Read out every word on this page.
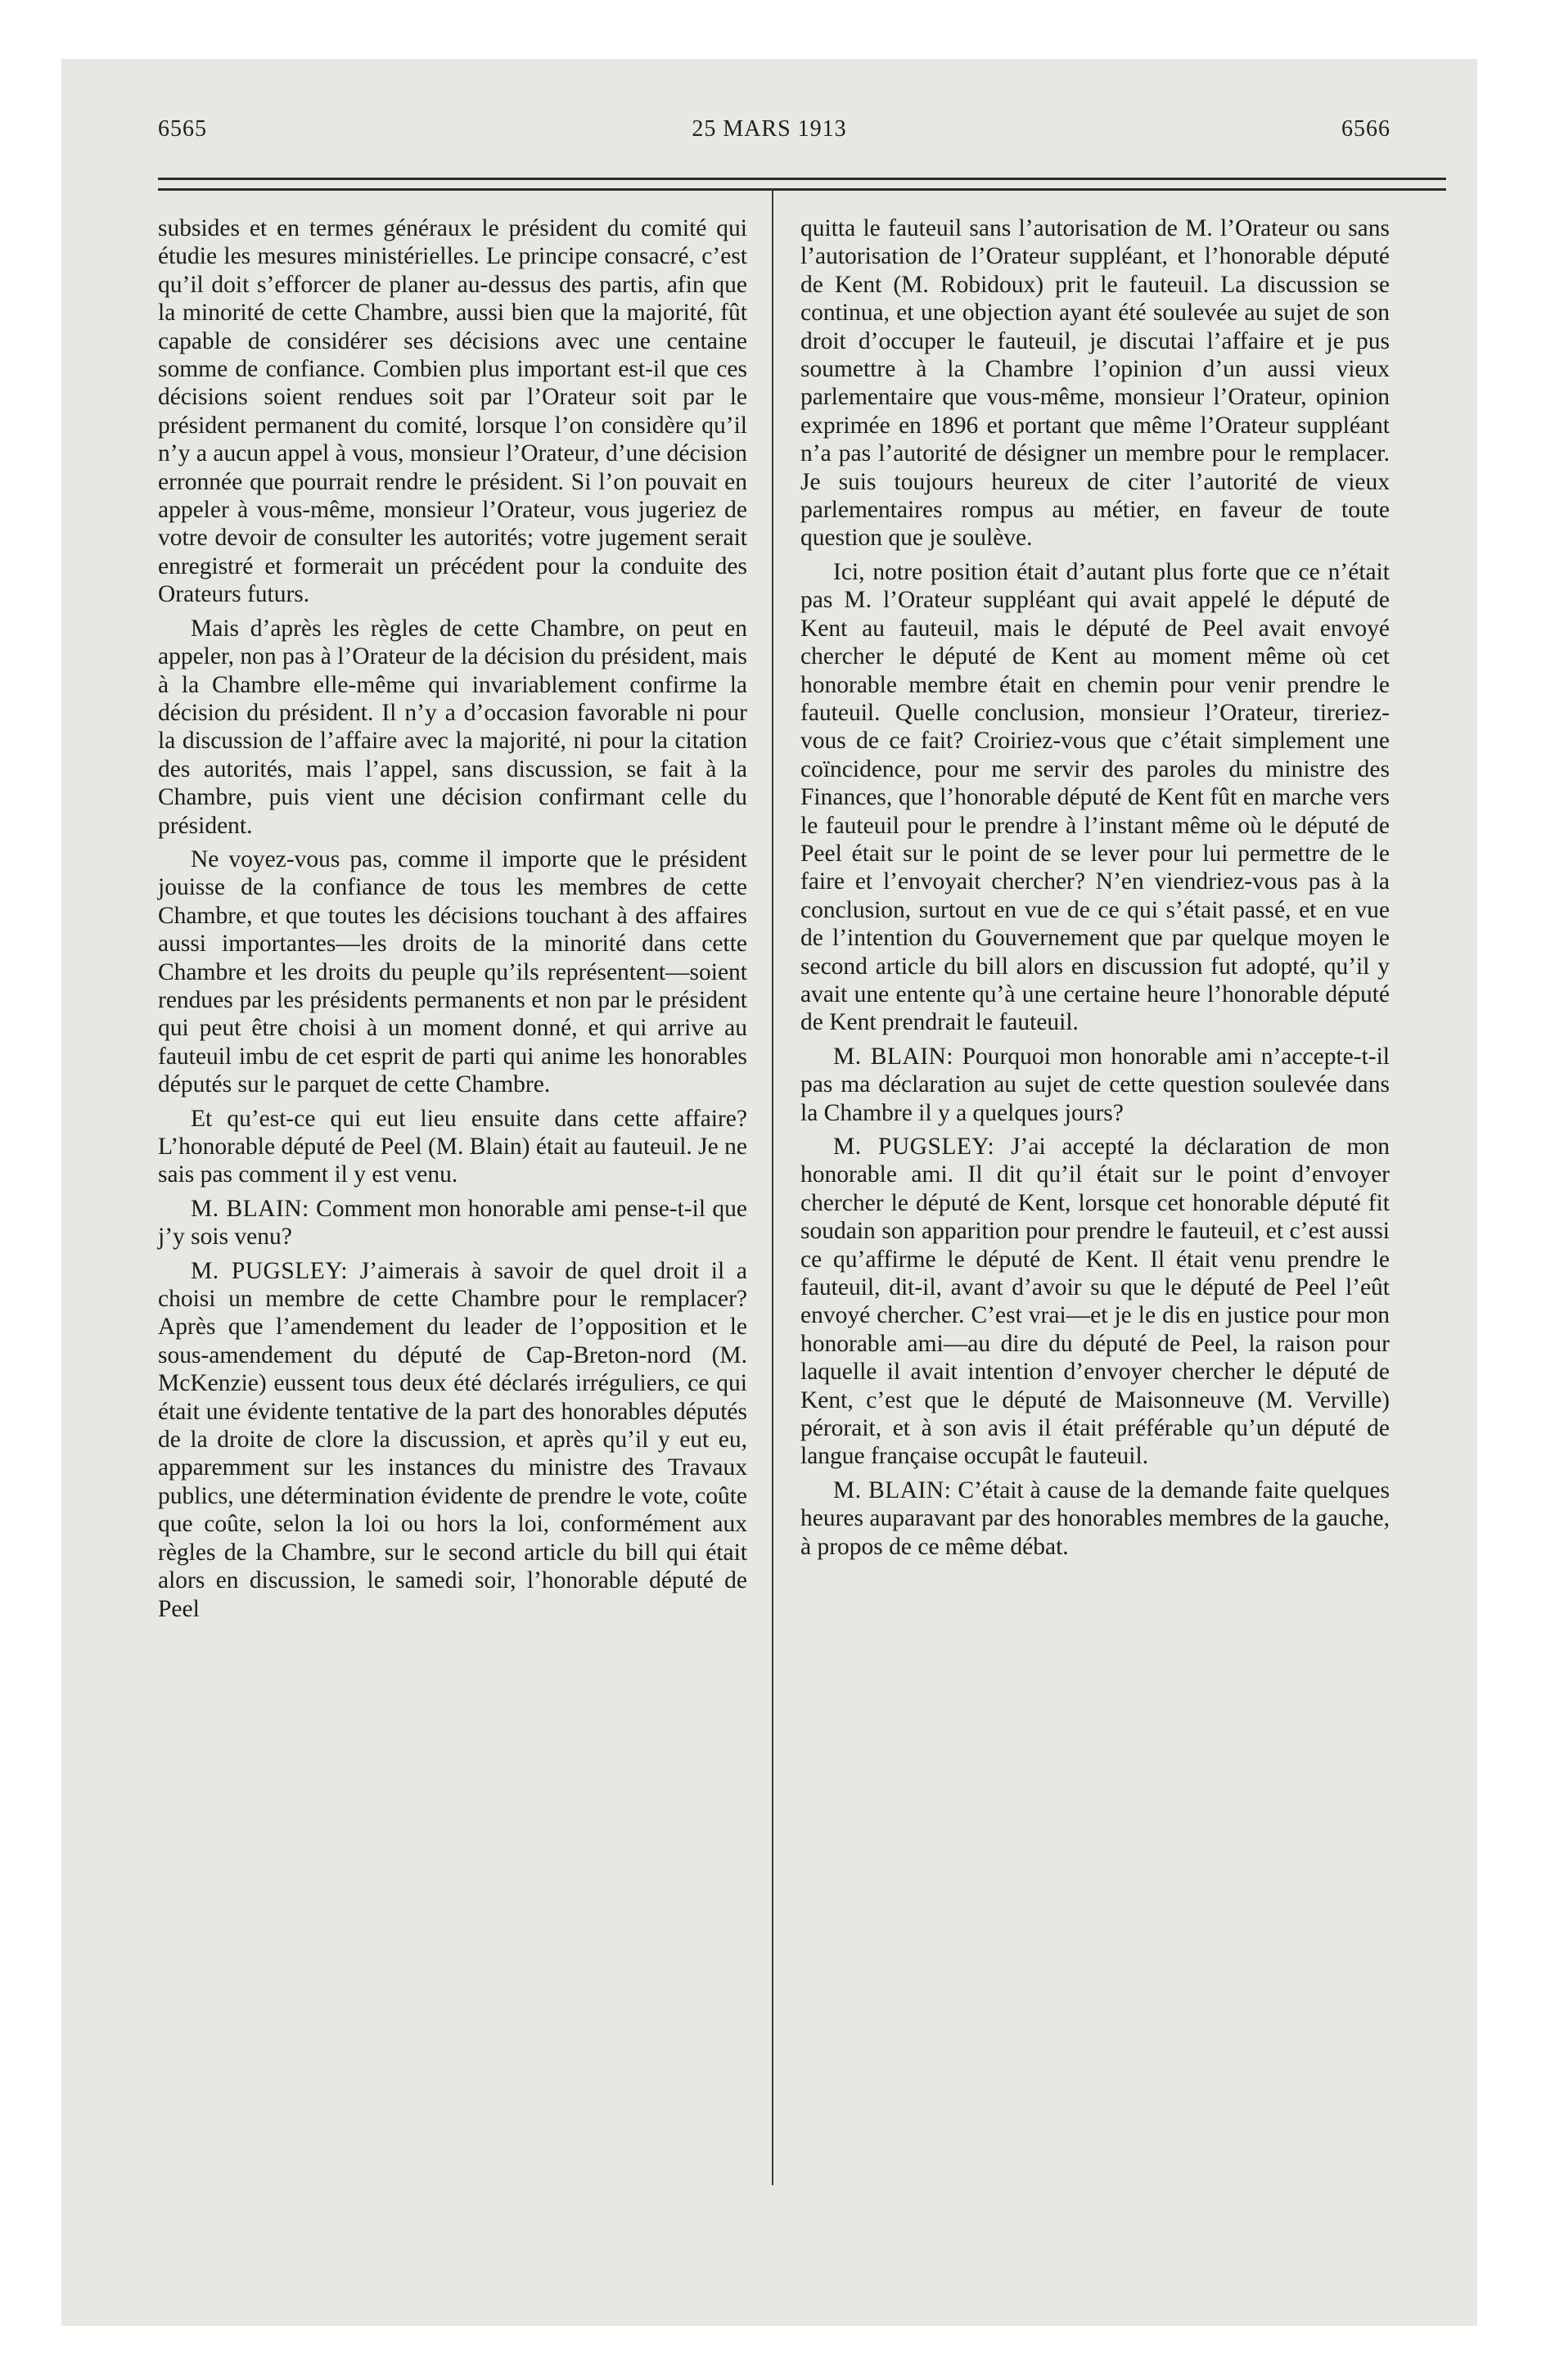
6565	25 MARS 1913	6566

subsides et en termes généraux le président du comité qui étudie les mesures ministérielles. Le principe consacré, c’est qu’il doit s’efforcer de planer au-dessus des partis, afin que la minorité de cette Chambre, aussi bien que la majorité, fût capable de considérer ses décisions avec une centaine somme de confiance. Combien plus important est-il que ces décisions soient rendues soit par l’Orateur soit par le président permanent du comité, lorsque l’on considère qu’il n’y a aucun appel à vous, monsieur l’Orateur, d’une décision erronnée que pourrait rendre le président. Si l’on pouvait en appeler à vous-même, monsieur l’Orateur, vous jugeriez de votre devoir de consulter les autorités; votre jugement serait enregistré et formerait un précédent pour la conduite des Orateurs futurs.

Mais d’après les règles de cette Chambre, on peut en appeler, non pas à l’Orateur de la décision du président, mais à la Chambre elle-même qui invariablement confirme la décision du président. Il n’y a d’occasion favorable ni pour la discussion de l’affaire avec la majorité, ni pour la citation des autorités, mais l’appel, sans discussion, se fait à la Chambre, puis vient une décision confirmant celle du président.

Ne voyez-vous pas, comme il importe que le président jouisse de la confiance de tous les membres de cette Chambre, et que toutes les décisions touchant à des affaires aussi importantes—les droits de la minorité dans cette Chambre et les droits du peuple qu’ils représentent—soient rendues par les présidents permanents et non par le président qui peut être choisi à un moment donné, et qui arrive au fauteuil imbu de cet esprit de parti qui anime les honorables députés sur le parquet de cette Chambre.

Et qu’est-ce qui eut lieu ensuite dans cette affaire? L’honorable député de Peel (M. Blain) était au fauteuil. Je ne sais pas comment il y est venu.

M. BLAIN: Comment mon honorable ami pense-t-il que j’y sois venu?

M. PUGSLEY: J’aimerais à savoir de quel droit il a choisi un membre de cette Chambre pour le remplacer? Après que l’amendement du leader de l’opposition et le sous-amendement du député de Cap-Breton-nord (M. McKenzie) eussent tous deux été déclarés irréguliers, ce qui était une évidente tentative de la part des honorables députés de la droite de clore la discussion, et après qu’il y eut eu, apparemment sur les instances du ministre des Travaux publics, une détermination évidente de prendre le vote, coûte que coûte, selon la loi ou hors la loi, conformément aux règles de la Chambre, sur le second article du bill qui était alors en discussion, le samedi soir, l’honorable député de Peel

quitta le fauteuil sans l’autorisation de M. l’Orateur ou sans l’autorisation de l’Orateur suppléant, et l’honorable député de Kent (M. Robidoux) prit le fauteuil. La discussion se continua, et une objection ayant été soulevée au sujet de son droit d’occuper le fauteuil, je discutai l’affaire et je pus soumettre à la Chambre l’opinion d’un aussi vieux parlementaire que vous-même, monsieur l’Orateur, opinion exprimée en 1896 et portant que même l’Orateur suppléant n’a pas l’autorité de désigner un membre pour le remplacer. Je suis toujours heureux de citer l’autorité de vieux parlementaires rompus au métier, en faveur de toute question que je soulève.

Ici, notre position était d’autant plus forte que ce n’était pas M. l’Orateur suppléant qui avait appelé le député de Kent au fauteuil, mais le député de Peel avait envoyé chercher le député de Kent au moment même où cet honorable membre était en chemin pour venir prendre le fauteuil. Quelle conclusion, monsieur l’Orateur, tireriez-vous de ce fait? Croiriez-vous que c’était simplement une coïncidence, pour me servir des paroles du ministre des Finances, que l’honorable député de Kent fût en marche vers le fauteuil pour le prendre à l’instant même où le député de Peel était sur le point de se lever pour lui permettre de le faire et l’envoyait chercher? N’en viendriez-vous pas à la conclusion, surtout en vue de ce qui s’était passé, et en vue de l’intention du Gouvernement que par quelque moyen le second article du bill alors en discussion fut adopté, qu’il y avait une entente qu’à une certaine heure l’honorable député de Kent prendrait le fauteuil.

M. BLAIN: Pourquoi mon honorable ami n’accepte-t-il pas ma déclaration au sujet de cette question soulevée dans la Chambre il y a quelques jours?

M. PUGSLEY: J’ai accepté la déclaration de mon honorable ami. Il dit qu’il était sur le point d’envoyer chercher le député de Kent, lorsque cet honorable député fit soudain son apparition pour prendre le fauteuil, et c’est aussi ce qu’affirme le député de Kent. Il était venu prendre le fauteuil, dit-il, avant d’avoir su que le député de Peel l’eût envoyé chercher. C’est vrai—et je le dis en justice pour mon honorable ami—au dire du député de Peel, la raison pour laquelle il avait intention d’envoyer chercher le député de Kent, c’est que le député de Maisonneuve (M. Verville) pérorait, et à son avis il était préférable qu’un député de langue française occupât le fauteuil.

M. BLAIN: C’était à cause de la demande faite quelques heures auparavant par des honorables membres de la gauche, à propos de ce même débat.
